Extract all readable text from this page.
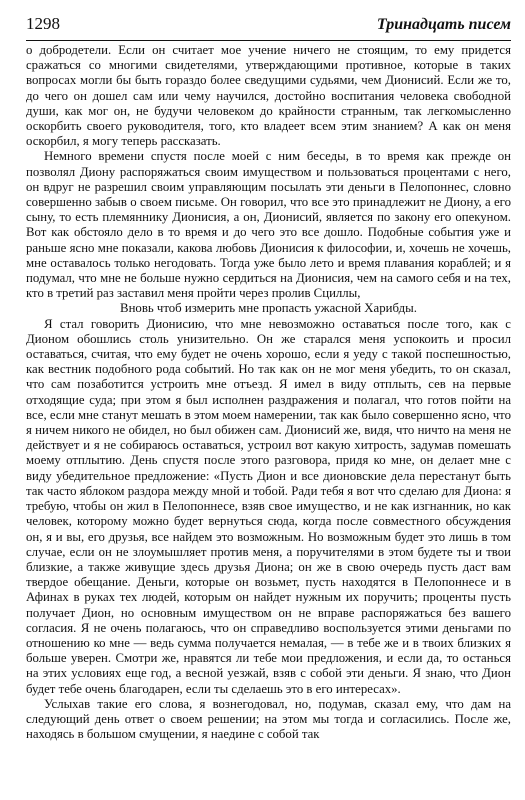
1298	Тринадцать писем

о добродетели. Если он считает мое учение ничего не стоящим, то ему придется сражаться со многими свидетелями, утверждающими противное, которые в таких вопросах могли бы быть гораздо более сведущими судьями, чем Дионисий. Если же то, до чего он дошел сам или чему научился, достойно воспитания человека свободной души, как мог он, не будучи человеком до крайности странным, так легкомысленно оскорбить своего руководителя, того, кто владеет всем этим знанием? А как он меня оскорбил, я могу теперь рассказать.

Немного времени спустя после моей с ним беседы, в то время как прежде он позволял Диону распоряжаться своим имуществом и пользоваться процентами с него, он вдруг не разрешил своим управляющим посылать эти деньги в Пелопоннес, словно совершенно забыв о своем письме. Он говорил, что все это принадлежит не Диону, а его сыну, то есть племяннику Дионисия, а он, Дионисий, является по закону его опекуном. Вот как обстояло дело в то время и до чего это все дошло. Подобные события уже и раньше ясно мне показали, какова любовь Дионисия к философии, и, хочешь не хочешь, мне оставалось только негодовать. Тогда уже было лето и время плавания кораблей; и я подумал, что мне не больше нужно сердиться на Дионисия, чем на самого себя и на тех, кто в третий раз заставил меня пройти через пролив Сциллы,

Вновь чтоб измерить мне пропасть ужасной Харибды.

Я стал говорить Дионисию, что мне невозможно оставаться после того, как с Дионом обошлись столь унизительно. Он же старался меня успокоить и просил оставаться, считая, что ему будет не очень хорошо, если я уеду с такой поспешностью, как вестник подобного рода событий. Но так как он не мог меня убедить, то он сказал, что сам позаботится устроить мне отъезд. Я имел в виду отплыть, сев на первые отходящие суда; при этом я был исполнен раздражения и полагал, что готов пойти на все, если мне станут мешать в этом моем намерении, так как было совершенно ясно, что я ничем никого не обидел, но был обижен сам. Дионисий же, видя, что ничто на меня не действует и я не собираюсь оставаться, устроил вот какую хитрость, задумав помешать моему отплытию. День спустя после этого разговора, придя ко мне, он делает мне с виду убедительное предложение: «Пусть Дион и все дионовские дела перестанут быть так часто яблоком раздора между мной и тобой. Ради тебя я вот что сделаю для Диона: я требую, чтобы он жил в Пелопоннесе, взяв свое имущество, и не как изгнанник, но как человек, которому можно будет вернуться сюда, когда после совместного обсуждения он, я и вы, его друзья, все найдем это возможным. Но возможным будет это лишь в том случае, если он не злоумышляет против меня, а поручителями в этом будете ты и твои близкие, а также живущие здесь друзья Диона; он же в свою очередь пусть даст вам твердое обещание. Деньги, которые он возьмет, пусть находятся в Пелопоннесе и в Афинах в руках тех людей, которым он найдет нужным их поручить; проценты пусть получает Дион, но основным имуществом он не вправе распоряжаться без вашего согласия. Я не очень полагаюсь, что он справедливо воспользуется этими деньгами по отношению ко мне — ведь сумма получается немалая, — в тебе же и в твоих близких я больше уверен. Смотри же, нравятся ли тебе мои предложения, и если да, то останься на этих условиях еще год, а весной уезжай, взяв с собой эти деньги. Я знаю, что Дион будет тебе очень благодарен, если ты сделаешь это в его интересах».

Услыхав такие его слова, я вознегодовал, но, подумав, сказал ему, что дам на следующий день ответ о своем решении; на этом мы тогда и согласились. После же, находясь в большом смущении, я наедине с собой так
